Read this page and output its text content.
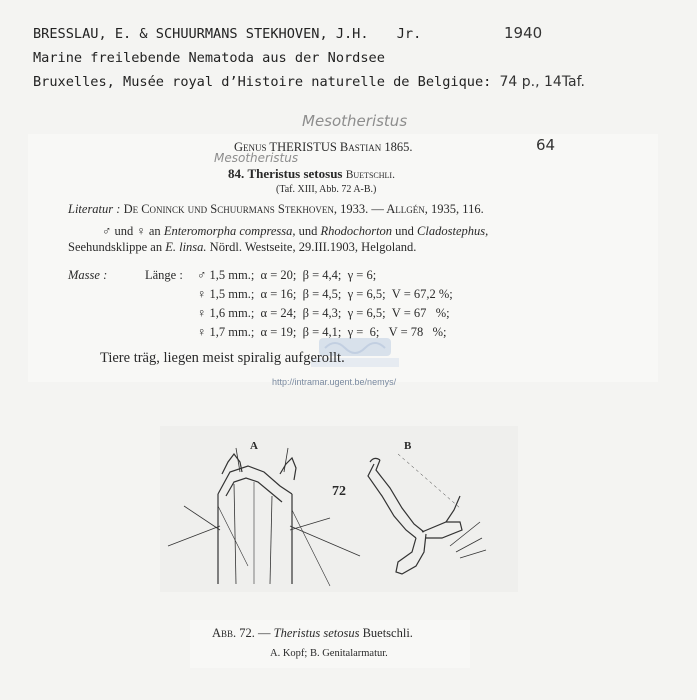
BRESSLAU, E. & SCHUURMANS STEKHOVEN, J.H. Jr.	1940
Marine freilebende Nematoda aus der Nordsee
Bruxelles, Musée royal d’Histoire naturelle de Belgique: 74 p., 14Taf.
Mesotheristus
Genus THERISTUS Bastian 1865.	64
Mesotheristus
84. Theristus setosus Buetschli.
(Taf. XIII, Abb. 72 A-B.)
Literatur : De Coninck und Schuurmans Stekhoven, 1933. — Allgén, 1935, 116.
♂ und ♀ an Enteromorpha compressa, und Rhodochorton und Cladostephus,
Seehundsklippe an E. linsa. Nördl. Westseite, 29.III.1903, Helgoland.
Masse :	Länge : ♂ 1,5 mm.;  α = 20;  β = 4,4;  γ = 6;
♀ 1,5 mm.;  α = 16;  β = 4,5;  γ = 6,5;  V = 67,2 %;
♀ 1,6 mm.;  α = 24;  β = 4,3;  γ = 6,5;  V = 67   %;
♀ 1,7 mm.;  α = 19;  β = 4,1;  γ =  6;   V = 78   %;
Tiere träg, liegen meist spiralig aufgerollt.
http://intramar.ugent.be/nemys/
A	B
72
Abb. 72. — Theristus setosus Buetschli.
A. Kopf; B. Genitalarmatur.
